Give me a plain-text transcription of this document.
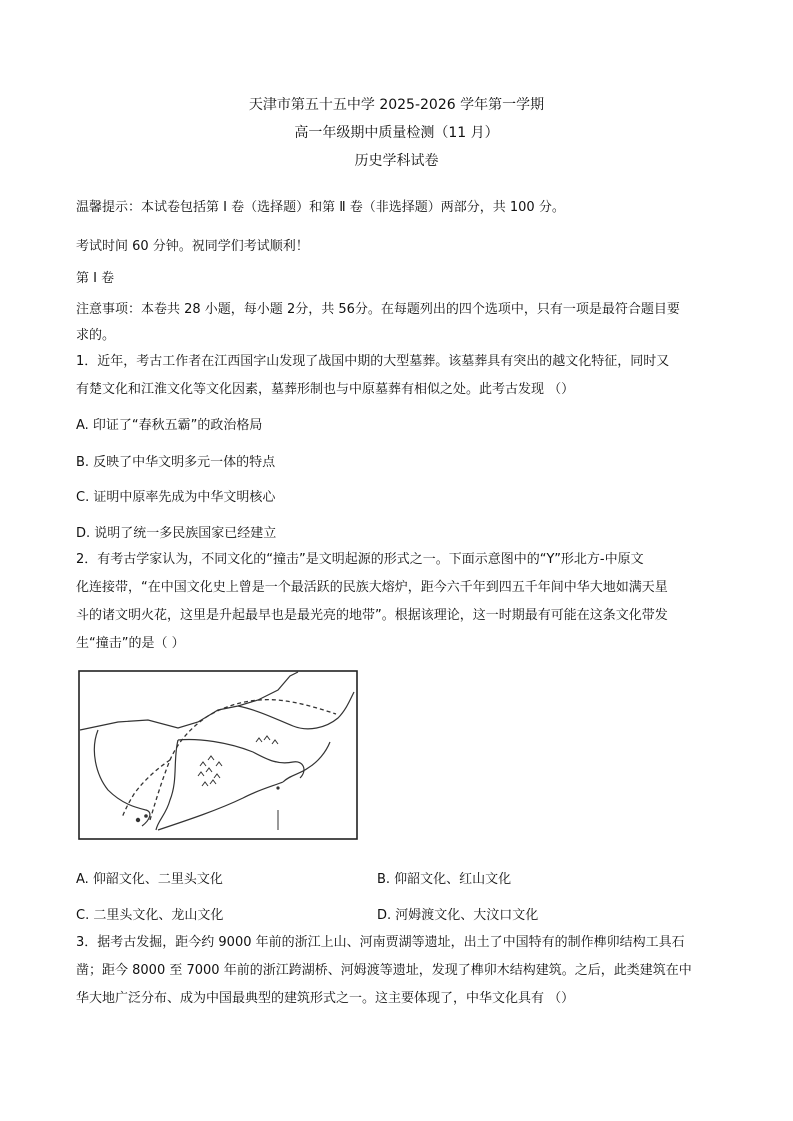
天津市第五十五中学 2025-2026 学年第一学期
高一年级期中质量检测（11 月）
历史学科试卷
温馨提示：本试卷包括第 Ⅰ 卷（选择题）和第 Ⅱ 卷（非选择题）两部分，共 100 分。
考试时间 60 分钟。祝同学们考试顺利！
第 Ⅰ 卷
注意事项：本卷共 28 小题，每小题 2分，共 56分。在每题列出的四个选项中，只有一项是最符合题目要
求的。
1．近年，考古工作者在江西国字山发现了战国中期的大型墓葬。该墓葬具有突出的越文化特征，同时又
有楚文化和江淮文化等文化因素，墓葬形制也与中原墓葬有相似之处。此考古发现 （）
A. 印证了“春秋五霸”的政治格局
B. 反映了中华文明多元一体的特点
C. 证明中原率先成为中华文明核心
D. 说明了统一多民族国家已经建立
2．有考古学家认为，不同文化的“撞击”是文明起源的形式之一。下面示意图中的“Y”形北方-中原文
化连接带，“在中国文化史上曾是一个最活跃的民族大熔炉，距今六千年到四五千年间中华大地如满天星
斗的诸文明火花，这里是升起最早也是最光亮的地带”。根据该理论，这一时期最有可能在这条文化带发
生“撞击”的是（ ）
A. 仰韶文化、二里头文化	B. 仰韶文化、红山文化
C. 二里头文化、龙山文化	D. 河姆渡文化、大汶口文化
3．据考古发掘，距今约 9000 年前的浙江上山、河南贾湖等遗址，出土了中国特有的制作榫卯结构工具石
凿；距今 8000 至 7000 年前的浙江跨湖桥、河姆渡等遗址，发现了榫卯木结构建筑。之后，此类建筑在中
华大地广泛分布、成为中国最典型的建筑形式之一。这主要体现了，中华文化具有 （）
